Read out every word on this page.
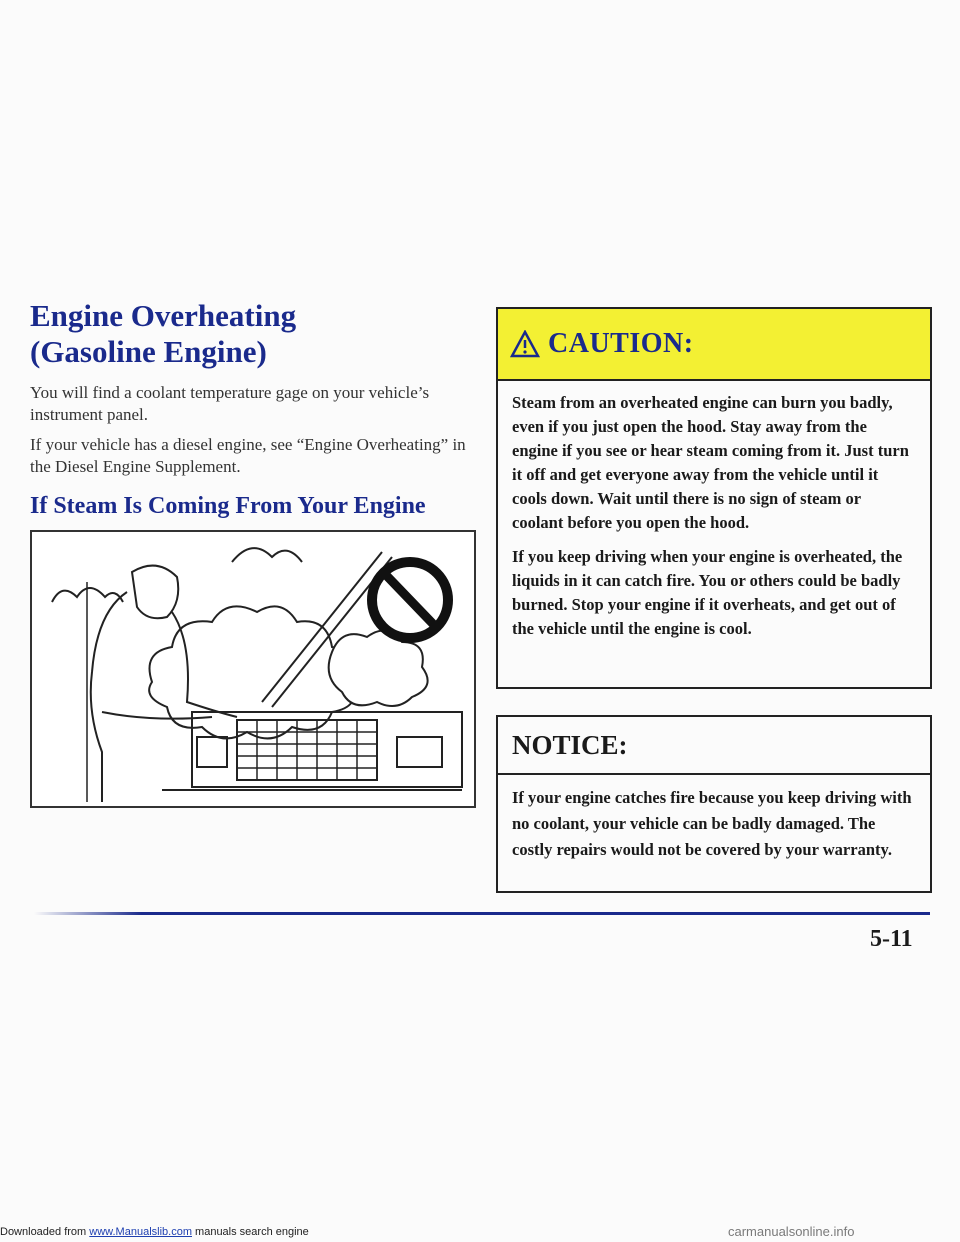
Engine Overheating
(Gasoline Engine)

You will find a coolant temperature gage on your vehicle’s instrument panel.

If your vehicle has a diesel engine, see “Engine Overheating” in the Diesel Engine Supplement.

If Steam Is Coming From Your Engine
CAUTION:

Steam from an overheated engine can burn you badly, even if you just open the hood. Stay away from the engine if you see or hear steam coming from it. Just turn it off and get everyone away from the vehicle until it cools down. Wait until there is no sign of steam or coolant before you open the hood.

If you keep driving when your engine is overheated, the liquids in it can catch fire. You or others could be badly burned. Stop your engine if it overheats, and get out of the vehicle until the engine is cool.

NOTICE:

If your engine catches fire because you keep driving with no coolant, your vehicle can be badly damaged. The costly repairs would not be covered by your warranty.

5-11
Downloaded from www.Manualslib.com manuals search engine	carmanualsonline.info
